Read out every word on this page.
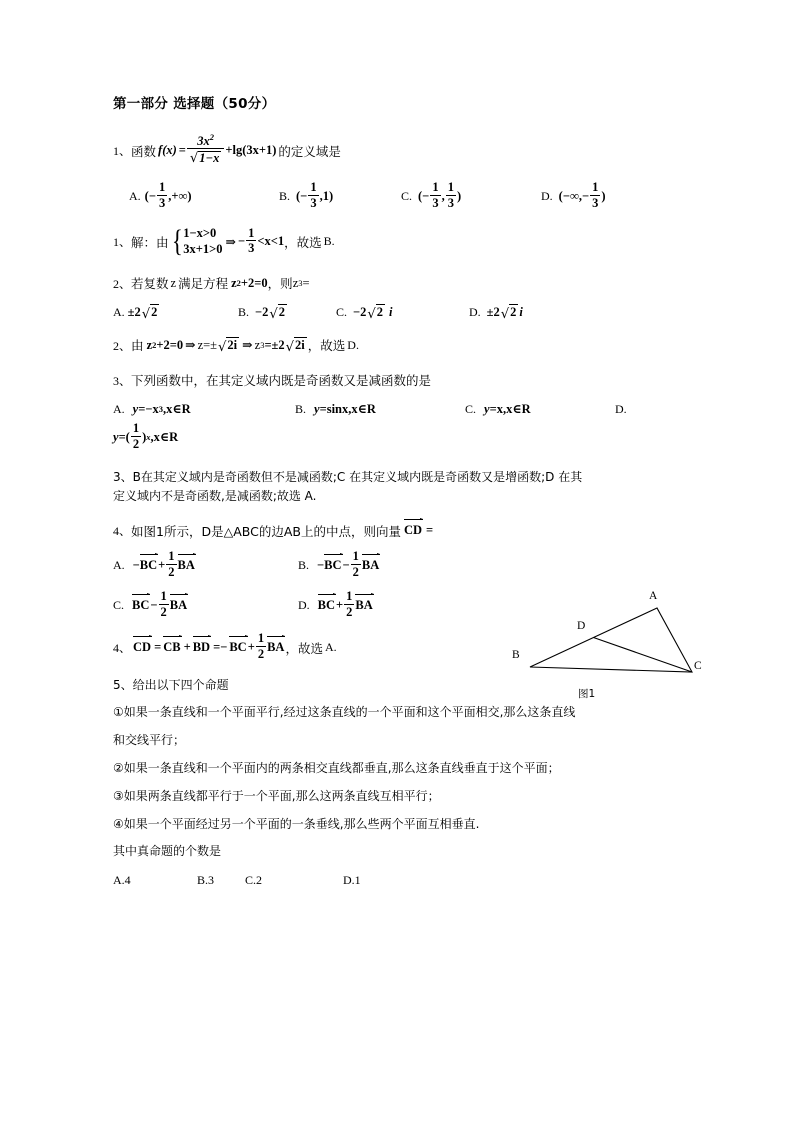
第一部分 选择题（50分）
1、 函数 $f(x) = \frac{3x^2}{√ 1-x} + \lg(3x+1)$ 的定义域是
A. (− $\frac{1}{3}$ ,+∞)	B. (− $\frac{1}{3} ,1$)	C. (− $\frac{1}{3}$ , $\frac{1}{3}$ )	D. (−∞,− $\frac{1}{3}$ )
1、 解：由 { 1−x>0
3x+1>0 ⇒ − $\frac{1}{3} <x<1$ ， 故选 B.
2、 若复数 z 满足方程 z 2 +2=0 ，则 z 3 =
A. ±2 √ 2	B. −2 √ 2	C. −2 √ 2 i	D. ±2 √ 2 i
2、 由 z 2 +2=0 ⇒ z=± √ 2i ⇒ z 3 =±2 √ 2i ， 故选 D.
3、 下列函数中，在其定义域内既是奇函数又是减函数的是
A. y =−x 3 ,x∈R	B. y =sinx ,x∈R	C. y =x ,x∈R	D.
y =( $\frac{1}{2}$ ) x ,x∈R
3、B在其定义域内是奇函数但不是减函数;C 在其定义域内既是奇函数又是增函数;D 在其
定义域内不是奇函数,是减函数;故选 A.
4、 如图1所示，D是△ABC的边AB上的中点，则向量 CD =
A. − BC + $\frac{1}{2}$ BA	B. − BC − $\frac{1}{2}$ BA
C. BC − $\frac{1}{2}$ BA	D. BC + $\frac{1}{2}$ BA
4、 CD = CB + BD =− BC + $\frac{1}{2}$ BA ， 故选 A.
5、给出以下四个命题
①如果一条直线和一个平面平行,经过这条直线的一个平面和这个平面相交,那么这条直线
和交线平行；
②如果一条直线和一个平面内的两条相交直线都垂直,那么这条直线垂直于这个平面；
③如果两条直线都平行于一个平面,那么这两条直线互相平行；
④如果一个平面经过另一个平面的一条垂线,那么些两个平面互相垂直.
其中真命题的个数是
A.4	B.3	C.2	D.1
A
B
C
D
图1
